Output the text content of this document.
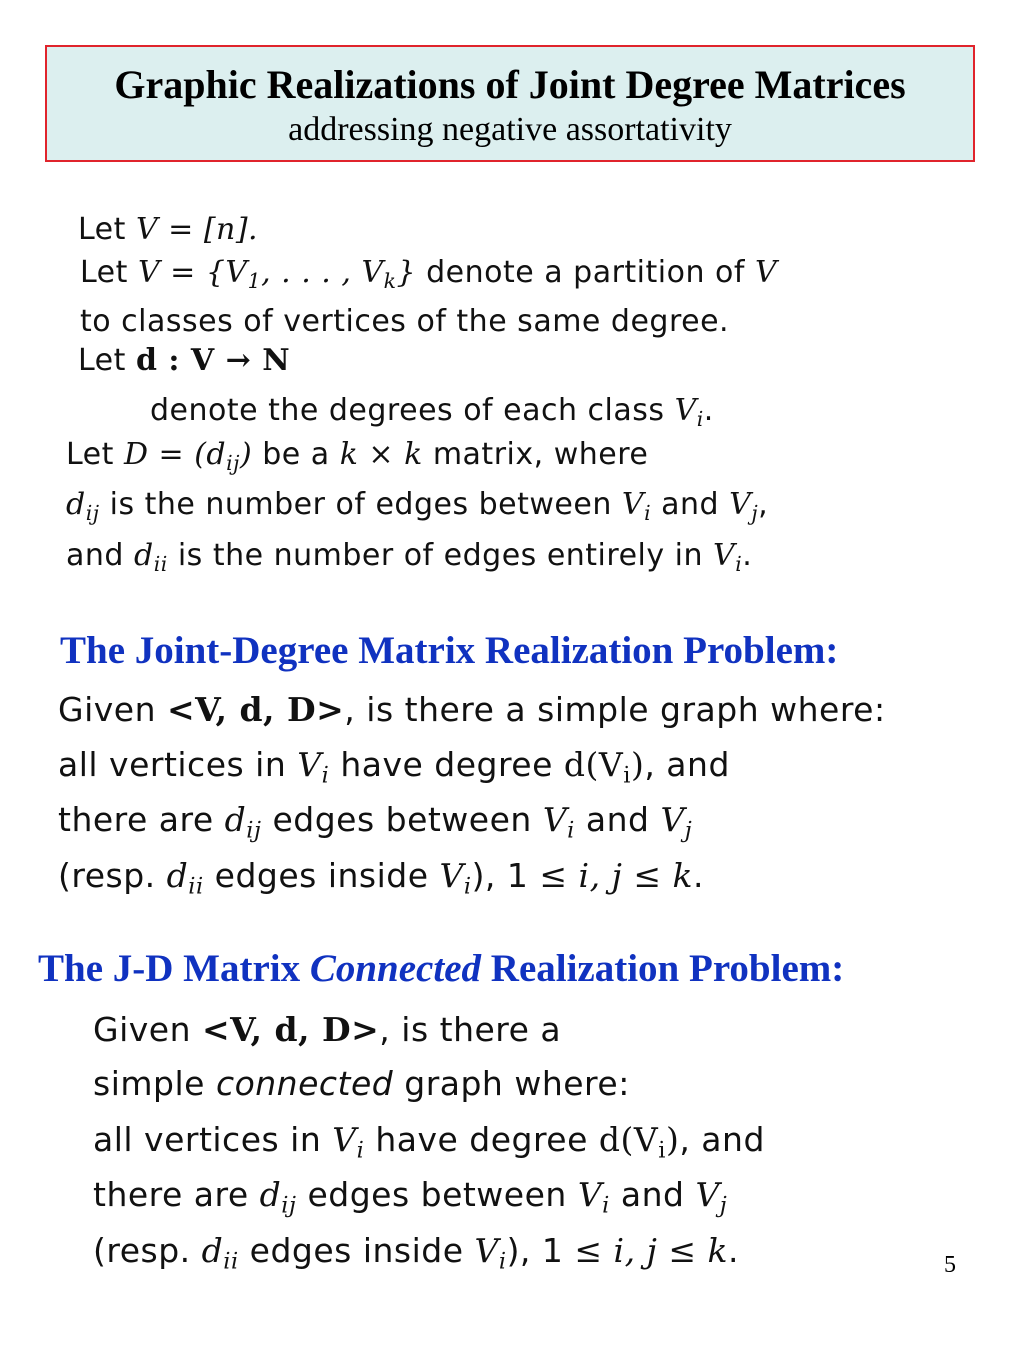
Graphic Realizations of Joint Degree Matrices
addressing negative assortativity
Let V = [n].
Let $V = \{V_1$, . . . , $V_k$} denote a partition of V
to classes of vertices of the same degree.
Let d : V → N
denote the degrees of each class $V_i$.
Let $D = (d_{ij})$ be a k × k matrix, where
$d_{ij}$ is the number of edges between $V_i$ and $V_j$,
and $d_{ii}$ is the number of edges entirely in $V_i$.
The Joint-Degree Matrix Realization Problem:
Given <V, d, D>, is there a simple graph where:
all vertices in $V_i$ have degree $d(V_i)$, and
there are $d_{ij}$ edges between $V_i$ and $V_j$
(resp. $d_{ii}$ edges inside $V_i$), 1 ≤ i, j ≤ k.
The J-D Matrix Connected Realization Problem:
Given <V, d, D>, is there a
simple connected graph where:
all vertices in $V_i$ have degree $d(V_i)$, and
there are $d_{ij}$ edges between $V_i$ and $V_j$
(resp. $d_{ii}$ edges inside $V_i$), 1 ≤ i, j ≤ k.	5
